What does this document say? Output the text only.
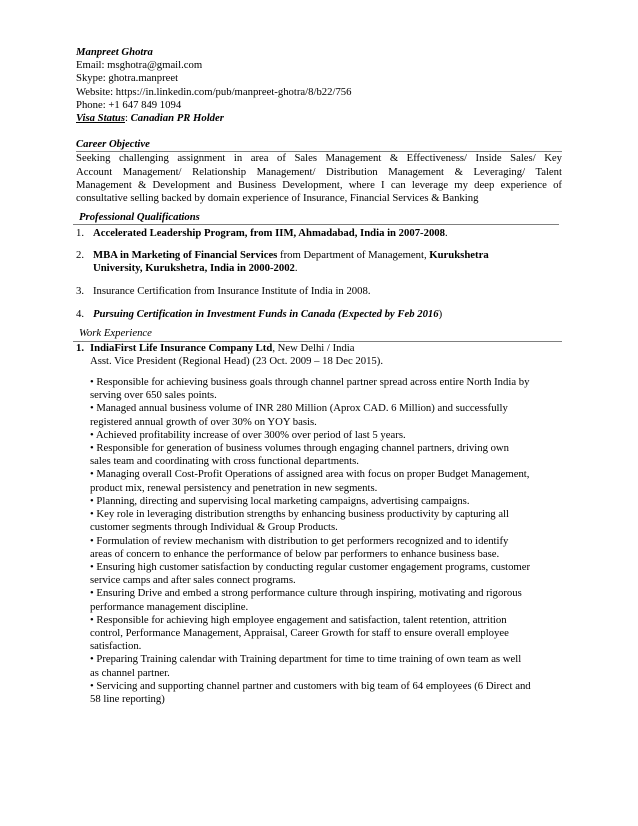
Manpreet Ghotra
Email: msghotra@gmail.com
Skype: ghotra.manpreet
Website: https://in.linkedin.com/pub/manpreet-ghotra/8/b22/756
Phone: +1 647 849 1094
Visa Status: Canadian PR Holder
Career Objective
Seeking challenging assignment in area of Sales Management & Effectiveness/ Inside Sales/ Key
Account Management/ Relationship Management/ Distribution Management & Leveraging/ Talent
Management & Development and Business Development, where I can leverage my deep experience of
consultative selling backed by domain experience of Insurance, Financial Services & Banking
Professional Qualifications
1. Accelerated Leadership Program, from IIM, Ahmadabad, India in 2007-2008.
2. MBA in Marketing of Financial Services from Department of Management, Kurukshetra
University, Kurukshetra, India in 2000-2002.
3. Insurance Certification from Insurance Institute of India in 2008.
4. Pursuing Certification in Investment Funds in Canada (Expected by Feb 2016)
Work Experience
1. IndiaFirst Life Insurance Company Ltd, New Delhi / India
Asst. Vice President (Regional Head) (23 Oct. 2009 – 18 Dec 2015).
• Responsible for achieving business goals through channel partner spread across entire North India by
serving over 650 sales points.
• Managed annual business volume of INR 280 Million (Aprox CAD. 6 Million) and successfully
registered annual growth of over 30% on YOY basis.
• Achieved profitability increase of over 300% over period of last 5 years.
• Responsible for generation of business volumes through engaging channel partners, driving own
sales team and coordinating with cross functional departments.
• Managing overall Cost-Profit Operations of assigned area with focus on proper Budget Management,
product mix, renewal persistency and penetration in new segments.
• Planning, directing and supervising local marketing campaigns, advertising campaigns.
• Key role in leveraging distribution strengths by enhancing business productivity by capturing all
customer segments through Individual & Group Products.
• Formulation of review mechanism with distribution to get performers recognized and to identify
areas of concern to enhance the performance of below par performers to enhance business base.
• Ensuring high customer satisfaction by conducting regular customer engagement programs, customer
service camps and after sales connect programs.
• Ensuring Drive and embed a strong performance culture through inspiring, motivating and rigorous
performance management discipline.
• Responsible for achieving high employee engagement and satisfaction, talent retention, attrition
control, Performance Management, Appraisal, Career Growth for staff to ensure overall employee
satisfaction.
• Preparing Training calendar with Training department for time to time training of own team as well
as channel partner.
• Servicing and supporting channel partner and customers with big team of 64 employees (6 Direct and
58 line reporting)
